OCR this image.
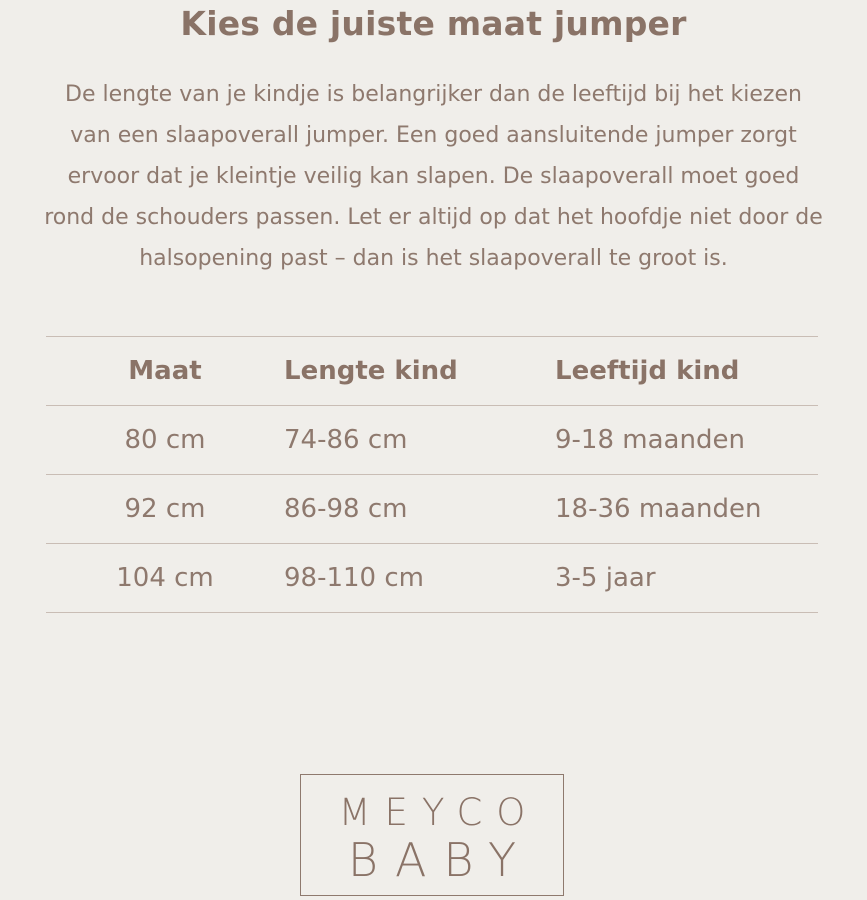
Kies de juiste maat jumper

De lengte van je kindje is belangrijker dan de leeftijd bij het kiezen
van een slaapoverall jumper. Een goed aansluitende jumper zorgt
ervoor dat je kleintje veilig kan slapen. De slaapoverall moet goed
rond de schouders passen. Let er altijd op dat het hoofdje niet door de
halsopening past – dan is het slaapoverall te groot is.

Maat	Lengte kind	Leeftijd kind
80 cm	74-86 cm	9-18 maanden
92 cm	86-98 cm	18-36 maanden
104 cm	98-110 cm	3-5 jaar
MEYCO
BABY
